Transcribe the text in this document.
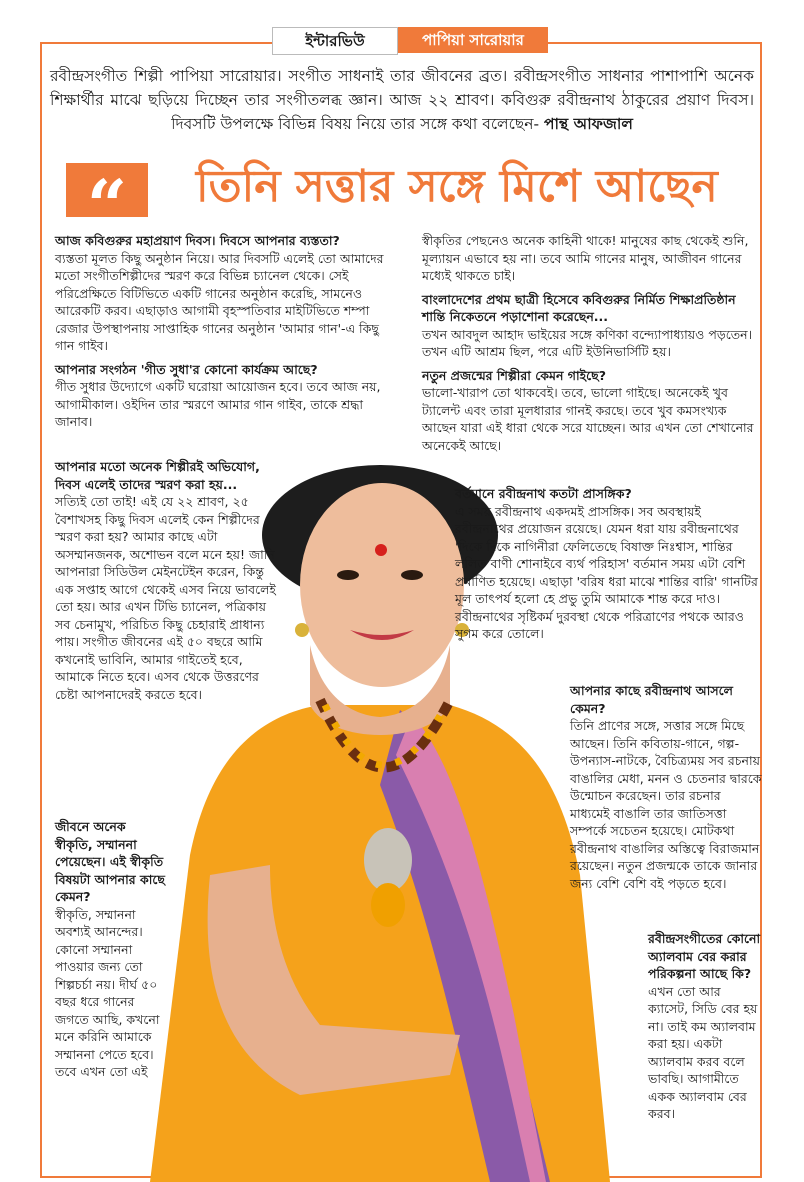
ইন্টারভিউ	পাপিয়া সারোয়ার
রবীন্দ্রসংগীত শিল্পী পাপিয়া সারোয়ার। সংগীত সাধনাই তার জীবনের ব্রত। রবীন্দ্রসংগীত সাধনার পাশাপাশি অনেক শিক্ষার্থীর মাঝে ছড়িয়ে দিচ্ছেন তার সংগীতলব্ধ জ্ঞান। আজ ২২ শ্রাবণ। কবিগুরু রবীন্দ্রনাথ ঠাকুরের প্রয়াণ দিবস। দিবসটি উপলক্ষে বিভিন্ন বিষয় নিয়ে তার সঙ্গে কথা বলেছেন- পান্থ আফজাল
“	তিনি সত্তার সঙ্গে মিশে আছেন

আজ কবিগুরুর মহাপ্রয়াণ দিবস। দিবসে আপনার ব্যস্ততা?
ব্যস্ততা মূলত কিছু অনুষ্ঠান নিয়ে। আর দিবসটি এলেই তো আমাদের মতো সংগীতশিল্পীদের স্মরণ করে বিভিন্ন চ্যানেল থেকে। সেই পরিপ্রেক্ষিতে বিটিভিতে একটি গানের অনুষ্ঠান করেছি, সামনেও আরেকটি করব। এছাড়াও আগামী বৃহস্পতিবার মাইটিভিতে শম্পা রেজার উপস্থাপনায় সাপ্তাহিক গানের অনুষ্ঠান 'আমার গান'-এ কিছু গান গাইব।

আপনার সংগঠন 'গীত সুধা'র কোনো কার্যক্রম আছে?
গীত সুধার উদ্যোগে একটি ঘরোয়া আয়োজন হবে। তবে আজ নয়, আগামীকাল। ওইদিন তার স্মরণে আমার গান গাইব, তাকে শ্রদ্ধা জানাব।

আপনার মতো অনেক শিল্পীরই অভিযোগ, দিবস এলেই তাদের স্মরণ করা হয়...
সত্যিই তো তাই! এই যে ২২ শ্রাবণ, ২৫ বৈশাখসহ কিছু দিবস এলেই কেন শিল্পীদের স্মরণ করা হয়? আমার কাছে এটা অসম্মানজনক, অশোভন বলে মনে হয়! জানি আপনারা সিডিউল মেইনটেইন করেন, কিন্তু এক সপ্তাহ আগে থেকেই এসব নিয়ে ভাবলেই তো হয়। আর এখন টিভি চ্যানেল, পত্রিকায় সব চেনামুখ, পরিচিত কিছু চেহারাই প্রাধান্য পায়। সংগীত জীবনের এই ৫০ বছরে আমি কখনোই ভাবিনি, আমার গাইতেই হবে, আমাকে নিতে হবে। এসব থেকে উত্তরণের চেষ্টা আপনাদেরই করতে হবে।

জীবনে অনেক স্বীকৃতি, সম্মাননা পেয়েছেন। এই স্বীকৃতি বিষয়টা আপনার কাছে কেমন?
স্বীকৃতি, সম্মাননা অবশ্যই আনন্দের। কোনো সম্মাননা পাওয়ার জন্য তো শিল্পচর্চা নয়। দীর্ঘ ৫০ বছর ধরে গানের জগতে আছি, কখনো মনে করিনি আমাকে সম্মাননা পেতে হবে। তবে এখন তো এই

স্বীকৃতির পেছনেও অনেক কাহিনী থাকে! মানুষের কাছ থেকেই শুনি, মূল্যায়ন এভাবে হয় না। তবে আমি গানের মানুষ, আজীবন গানের মধ্যেই থাকতে চাই।

বাংলাদেশের প্রথম ছাত্রী হিসেবে কবিগুরুর নির্মিত শিক্ষাপ্রতিষ্ঠান শান্তি নিকেতনে পড়াশোনা করেছেন...
তখন আবদুল আহাদ ভাইয়ের সঙ্গে কণিকা বন্দ্যোপাধ্যায়ও পড়তেন। তখন এটি আশ্রম ছিল, পরে এটি ইউনিভার্সিটি হয়।

নতুন প্রজন্মের শিল্পীরা কেমন গাইছে?
ভালো-খারাপ তো থাকবেই। তবে, ভালো গাইছে। অনেকেই খুব ট্যালেন্ট এবং তারা মূলধারার গানই করছে। তবে খুব কমসংখ্যক আছেন যারা এই ধারা থেকে সরে যাচ্ছেন। আর এখন তো শেখানোর অনেকেই আছে।

বর্তমানে রবীন্দ্রনাথ কতটা প্রাসঙ্গিক?
এ সময় রবীন্দ্রনাথ একদমই প্রাসঙ্গিক। সব অবস্থায়ই রবীন্দ্রনাথের প্রয়োজন রয়েছে। যেমন ধরা যায় রবীন্দ্রনাথের 'দিকে দিকে নাগিনীরা ফেলিতেছে বিষাক্ত নিঃশ্বাস, শান্তির ললিত বাণী শোনাইবে ব্যর্থ পরিহাস' বর্তমান সময় এটা বেশি প্রমাণিত হয়েছে। এছাড়া 'বরিষ ধরা মাঝে শান্তির বারি' গানটির মূল তাৎপর্য হলো হে প্রভু তুমি আমাকে শান্ত করে দাও। রবীন্দ্রনাথের সৃষ্টিকর্ম দুরবস্থা থেকে পরিত্রাণের পথকে আরও সুগম করে তোলে।

আপনার কাছে রবীন্দ্রনাথ আসলে কেমন?
তিনি প্রাণের সঙ্গে, সত্তার সঙ্গে মিছে আছেন। তিনি কবিতায়-গানে, গল্প-উপন্যাস-নাটকে, বৈচিত্র্যময় সব রচনায় বাঙালির মেধা, মনন ও চেতনার দ্বারকে উন্মোচন করেছেন। তার রচনার মাধ্যমেই বাঙালি তার জাতিসত্তা সম্পর্কে সচেতন হয়েছে। মোটকথা রবীন্দ্রনাথ বাঙালির অস্তিত্বে বিরাজমান রয়েছেন। নতুন প্রজন্মকে তাকে জানার জন্য বেশি বেশি বই পড়তে হবে।

রবীন্দ্রসংগীতের কোনো অ্যালবাম বের করার পরিকল্পনা আছে কি?
এখন তো আর ক্যাসেট, সিডি বের হয় না। তাই কম অ্যালবাম করা হয়। একটা অ্যালবাম করব বলে ভাবছি। আগামীতে একক অ্যালবাম বের করব।
